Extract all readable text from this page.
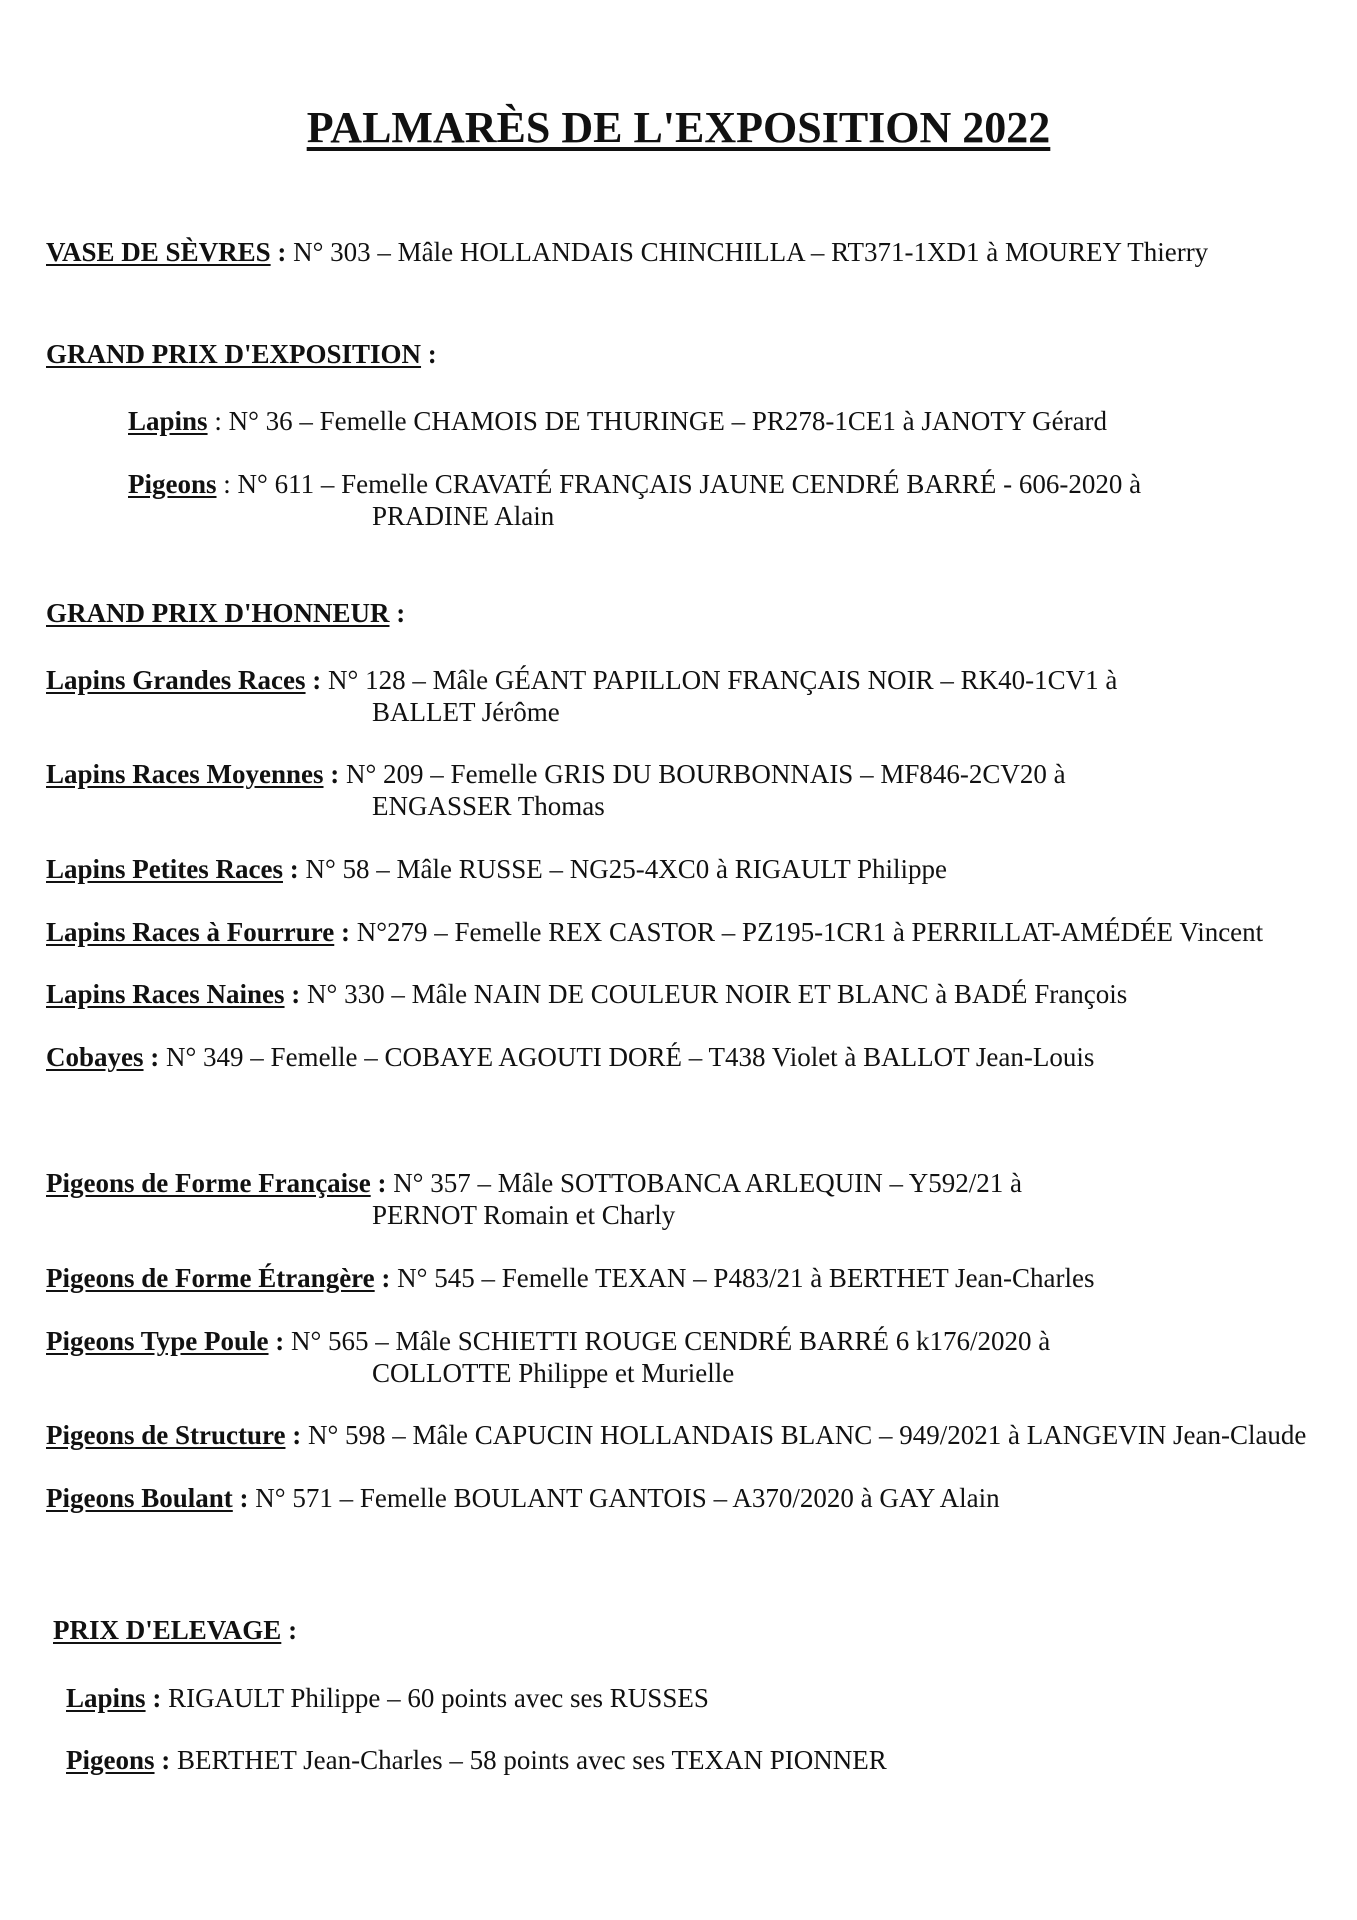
PALMARÈS DE L'EXPOSITION 2022
VASE DE SÈVRES : N° 303 – Mâle HOLLANDAIS CHINCHILLA – RT371-1XD1 à MOUREY Thierry
GRAND PRIX D'EXPOSITION :
Lapins : N° 36 – Femelle CHAMOIS DE THURINGE – PR278-1CE1 à JANOTY Gérard
Pigeons : N° 611 – Femelle CRAVATÉ FRANÇAIS JAUNE CENDRÉ BARRÉ - 606-2020 à
PRADINE Alain
GRAND PRIX D'HONNEUR :
Lapins Grandes Races : N° 128 – Mâle GÉANT PAPILLON FRANÇAIS NOIR – RK40-1CV1 à
BALLET Jérôme
Lapins Races Moyennes : N° 209 – Femelle GRIS DU BOURBONNAIS – MF846-2CV20 à
ENGASSER Thomas
Lapins Petites Races : N° 58 – Mâle RUSSE – NG25-4XC0 à RIGAULT Philippe
Lapins Races à Fourrure : N°279 – Femelle REX CASTOR – PZ195-1CR1 à PERRILLAT-AMÉDÉE Vincent
Lapins Races Naines : N° 330 – Mâle NAIN DE COULEUR NOIR ET BLANC à BADÉ François
Cobayes : N° 349 – Femelle – COBAYE AGOUTI DORÉ – T438 Violet à BALLOT Jean-Louis
Pigeons de Forme Française : N° 357 – Mâle SOTTOBANCA ARLEQUIN – Y592/21 à
PERNOT Romain et Charly
Pigeons de Forme Étrangère : N° 545 – Femelle TEXAN – P483/21 à BERTHET Jean-Charles
Pigeons Type Poule : N° 565 – Mâle SCHIETTI ROUGE CENDRÉ BARRÉ 6 k176/2020 à
COLLOTTE Philippe et Murielle
Pigeons de Structure : N° 598 – Mâle CAPUCIN HOLLANDAIS BLANC – 949/2021 à LANGEVIN Jean-Claude
Pigeons Boulant : N° 571 – Femelle BOULANT GANTOIS – A370/2020 à GAY Alain
PRIX D'ELEVAGE :
Lapins : RIGAULT Philippe – 60 points avec ses RUSSES
Pigeons : BERTHET Jean-Charles – 58 points avec ses TEXAN PIONNER
